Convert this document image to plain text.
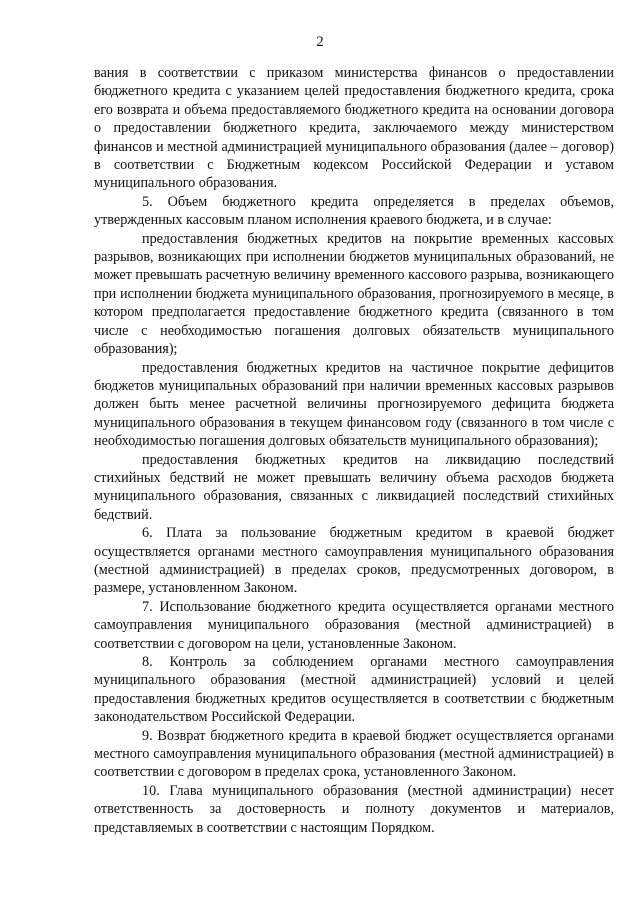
2

вания в соответствии с приказом министерства финансов о предоставлении бюджетного кредита с указанием целей предоставления бюджетного кредита, срока его возврата и объема предоставляемого бюджетного кредита на основании договора о предоставлении бюджетного кредита, заключаемого между министерством финансов и местной администрацией муниципального образования (далее – договор) в соответствии с Бюджетным кодексом Российской Федерации и уставом муниципального образования.

5. Объем бюджетного кредита определяется в пределах объемов, утвержденных кассовым планом исполнения краевого бюджета, и в случае:

предоставления бюджетных кредитов на покрытие временных кассовых разрывов, возникающих при исполнении бюджетов муниципальных образований, не может превышать расчетную величину временного кассового разрыва, возникающего при исполнении бюджета муниципального образования, прогнозируемого в месяце, в котором предполагается предоставление бюджетного кредита (связанного в том числе с необходимостью погашения долговых обязательств муниципального образования);

предоставления бюджетных кредитов на частичное покрытие дефицитов бюджетов муниципальных образований при наличии временных кассовых разрывов должен быть менее расчетной величины прогнозируемого дефицита бюджета муниципального образования в текущем финансовом году (связанного в том числе с необходимостью погашения долговых обязательств муниципального образования);

предоставления бюджетных кредитов на ликвидацию последствий стихийных бедствий не может превышать величину объема расходов бюджета муниципального образования, связанных с ликвидацией последствий стихийных бедствий.

6. Плата за пользование бюджетным кредитом в краевой бюджет осуществляется органами местного самоуправления муниципального образования (местной администрацией) в пределах сроков, предусмотренных договором, в размере, установленном Законом.

7. Использование бюджетного кредита осуществляется органами местного самоуправления муниципального образования (местной администрацией) в соответствии с договором на цели, установленные Законом.

8. Контроль за соблюдением органами местного самоуправления муниципального образования (местной администрацией) условий и целей предоставления бюджетных кредитов осуществляется в соответствии с бюджетным законодательством Российской Федерации.

9. Возврат бюджетного кредита в краевой бюджет осуществляется органами местного самоуправления муниципального образования (местной администрацией) в соответствии с договором в пределах срока, установленного Законом.

10. Глава муниципального образования (местной администрации) несет ответственность за достоверность и полноту документов и материалов, представляемых в соответствии с настоящим Порядком.
